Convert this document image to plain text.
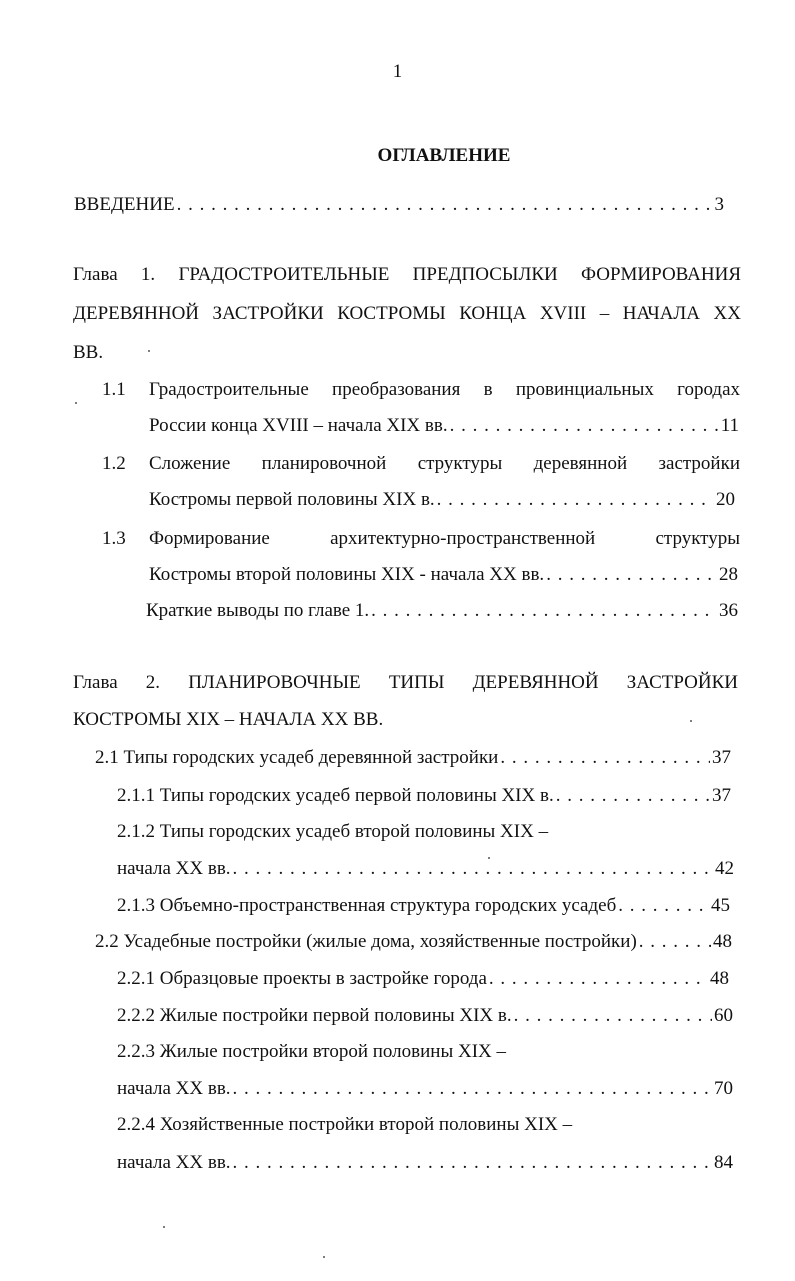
1
ОГЛАВЛЕНИЕ
ВВЕДЕНИЕ . . .	3
Глава 1. ГРАДОСТРОИТЕЛЬНЫЕ ПРЕДПОСЫЛКИ ФОРМИРОВАНИЯ
ДЕРЕВЯННОЙ ЗАСТРОЙКИ КОСТРОМЫ КОНЦА XVIII – НАЧАЛА XX
ВВ.
1.1 Градостроительные преобразования в провинциальных городах
России конца XVIII – начала XIX вв. . . .	11
1.2 Сложение планировочной структуры деревянной застройки
Костромы первой половины XIX в. . . .	20
1.3 Формирование архитектурно-пространственной структуры
Костромы второй половины XIX - начала XX вв. . . .	28
Краткие выводы по главе 1. . . .	36
Глава 2. ПЛАНИРОВОЧНЫЕ ТИПЫ ДЕРЕВЯННОЙ ЗАСТРОЙКИ
КОСТРОМЫ XIX – НАЧАЛА XX ВВ.
2.1 Типы городских усадеб деревянной застройки . . .	37
2.1.1 Типы городских усадеб первой половины XIX в. . . .	37
2.1.2 Типы городских усадеб второй половины XIX –
начала XX вв. . . .	42
2.1.3 Объемно-пространственная структура городских усадеб . . .	45
2.2 Усадебные постройки (жилые дома, хозяйственные постройки) . . .	48
2.2.1 Образцовые проекты в застройке города . . .	48
2.2.2 Жилые постройки первой половины XIX в. . . .	60
2.2.3 Жилые постройки второй половины XIX –
начала XX вв. . . .	70
2.2.4 Хозяйственные постройки второй половины XIX –
начала XX вв. . . .	84
